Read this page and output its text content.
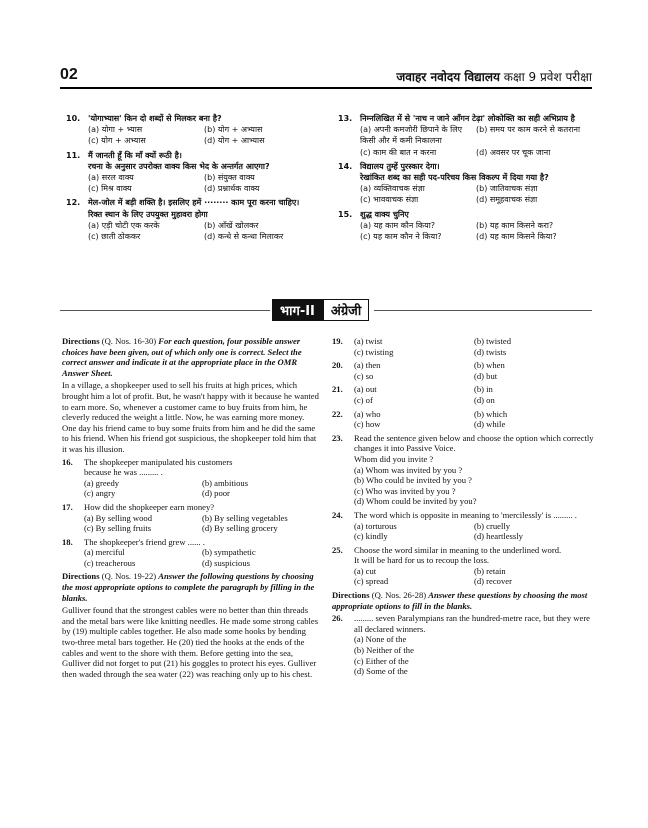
02	जवाहर नवोदय विद्यालय कक्षा 9 प्रवेश परीक्षा
10. 'योगाभ्यास' किन दो शब्दों से मिलकर बना है?
(a) योगा + भ्यास	(b) योग + अभ्यास
(c) योग + अभ्यास	(d) योग + आभ्यास
11. मैं जानती हूँ कि माँ क्यों रूठी है।
रचना के अनुसार उपरोक्त वाक्य किस भेद के अन्तर्गत आएगा?
(a) सरल वाक्य	(b) संयुक्त वाक्य
(c) मिश्र वाक्य	(d) प्रश्नार्थक वाक्य
12. मेल-जोल में बड़ी शक्ति है। इसलिए हमें ········ काम पूरा करना चाहिए।
रिक्त स्थान के लिए उपयुक्त मुहावरा होगा
(a) एड़ी चोटी एक करके	(b) आँखें खोलकर
(c) छाती ठोककर	(d) कन्धे से कन्धा मिलाकर
13. निम्नलिखित में से 'नाच न जाने आँगन टेढ़ा' लोकोक्ति का सही अभिप्राय है
(a) अपनी कमजोरी छिपाने के लिए किसी और में कमी निकालना
(b) समय पर काम करने से कतराना
(c) काम की बात न करना	(d) अवसर पर चूक जाना
14. विद्यालय तुम्हें पुरस्कार देगा।
रेखांकित शब्द का सही पद-परिचय किस विकल्प में दिया गया है?
(a) व्यक्तिवाचक संज्ञा	(b) जातिवाचक संज्ञा
(c) भाववाचक संज्ञा	(d) समूहवाचक संज्ञा
15. शुद्ध वाक्य चुनिए
(a) यह काम कौन किया?	(b) यह काम किसने करा?
(c) यह काम कौन ने किया?	(d) यह काम किसने किया?
भाग-II	अंग्रेजी
Directions (Q. Nos. 16-30) For each question, four possible answer choices have been given, out of which only one is correct. Select the correct answer and indicate it at the appropriate place in the OMR Answer Sheet.
In a village, a shopkeeper used to sell his fruits at high prices, which brought him a lot of profit. But, he wasn't happy with it because he wanted to earn more. So, whenever a customer came to buy fruits from him, he cleverly reduced the weight a little. Now, he was earning more money. One day his friend came to buy some fruits from him and he did the same to his friend. When his friend got suspicious, the shopkeeper told him that it was his illusion.
16.	The shopkeeper manipulated his customers
because he was ......... .
(a) greedy	(b) ambitious
(c) angry	(d) poor
17.	How did the shopkeeper earn money?
(a) By selling wood	(b) By selling vegetables
(c) By selling fruits	(d) By selling grocery
18.	The shopkeeper's friend grew ...... .
(a) merciful	(b) sympathetic
(c) treacherous	(d) suspicious
Directions (Q. Nos. 19-22) Answer the following questions by choosing the most appropriate options to complete the paragraph by filling in the blanks.
Gulliver found that the strongest cables were no better than thin threads and the metal bars were like knitting needles. He made some strong cables by (19) multiple cables together. He also made some hooks by bending two-three metal bars together. He (20) tied the hooks at the ends of the cables and went to the shore with them. Before getting into the sea, Gulliver did not forget to put (21) his goggles to protect his eyes. Gulliver then waded through the sea water (22) was reaching only up to his chest.
19.	(a) twist	(b) twisted
(c) twisting	(d) twists
20.	(a) then	(b) when
(c) so	(d) but
21.	(a) out	(b) in
(c) of	(d) on
22.	(a) who	(b) which
(c) how	(d) while
23.	Read the sentence given below and choose the option which correctly changes it into Passive Voice.
Whom did you invite ?
(a) Whom was invited by you ?
(b) Who could be invited by you ?
(c) Who was invited by you ?
(d) Whom could be invited by you?
24.	The word which is opposite in meaning to 'mercilessly' is ......... .
(a) torturous	(b) cruelly
(c) kindly	(d) heartlessly
25.	Choose the word similar in meaning to the underlined word.
It will be hard for us to recoup the loss.
(a) cut	(b) retain
(c) spread	(d) recover
Directions (Q. Nos. 26-28) Answer these questions by choosing the most appropriate options to fill in the blanks.
26.	......... seven Paralympians ran the hundred-metre race, but they were all declared winners.
(a) None of the
(b) Neither of the
(c) Either of the
(d) Some of the
